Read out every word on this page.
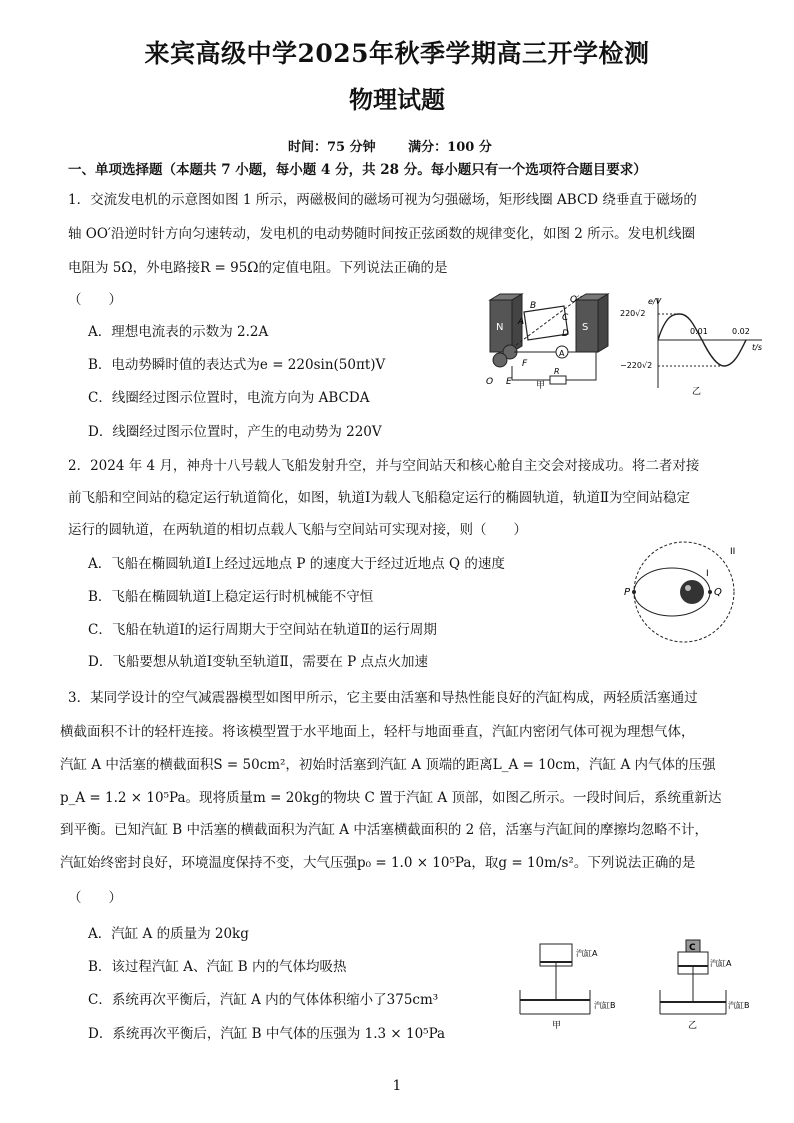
来宾高级中学2025年秋季学期高三开学检测
物理试题
时间：75 分钟	满分：100 分
一、单项选择题（本题共 7 小题，每小题 4 分，共 28 分。每小题只有一个选项符合题目要求）
1．交流发电机的示意图如图 1 所示，两磁极间的磁场可视为匀强磁场，矩形线圈 ABCD 绕垂直于磁场的
轴 OO′沿逆时针方向匀速转动，发电机的电动势随时间按正弦函数的规律变化，如图 2 所示。发电机线圈
电阻为 5Ω，外电路接R = 95Ω的定值电阻。下列说法正确的是
（　　）
A．理想电流表的示数为 2.2A
B．电动势瞬时值的表达式为e = 220sin(50πt)V
C．线圈经过图示位置时，电流方向为 ABCDA
D．线圈经过图示位置时，产生的电动势为 220V
N	S
B
A	C
D
O′
F
E
O
A
R
甲
e/V
t/s
220√2
−220√2
0.01	0.02
乙
2．2024 年 4 月，神舟十八号载人飞船发射升空，并与空间站天和核心舱自主交会对接成功。将二者对接
前飞船和空间站的稳定运行轨道简化，如图，轨道Ⅰ为载人飞船稳定运行的椭圆轨道，轨道Ⅱ为空间站稳定
运行的圆轨道，在两轨道的相切点载人飞船与空间站可实现对接，则（　　）
A．飞船在椭圆轨道Ⅰ上经过远地点 P 的速度大于经过近地点 Q 的速度
B．飞船在椭圆轨道Ⅰ上稳定运行时机械能不守恒
C．飞船在轨道Ⅰ的运行周期大于空间站在轨道Ⅱ的运行周期
D．飞船要想从轨道Ⅰ变轨至轨道Ⅱ，需要在 P 点点火加速
P	Q
II
I
3．某同学设计的空气减震器模型如图甲所示，它主要由活塞和导热性能良好的汽缸构成，两轻质活塞通过
横截面积不计的轻杆连接。将该模型置于水平地面上，轻杆与地面垂直，汽缸内密闭气体可视为理想气体，
汽缸 A 中活塞的横截面积S = 50cm²，初始时活塞到汽缸 A 顶端的距离L_A = 10cm，汽缸 A 内气体的压强
p_A = 1.2 × 10⁵Pa。现将质量m = 20kg的物块 C 置于汽缸 A 顶部，如图乙所示。一段时间后，系统重新达
到平衡。已知汽缸 B 中活塞的横截面积为汽缸 A 中活塞横截面积的 2 倍，活塞与汽缸间的摩擦均忽略不计，
汽缸始终密封良好，环境温度保持不变，大气压强p₀ = 1.0 × 10⁵Pa，取g = 10m/s²。下列说法正确的是
（　　）
A．汽缸 A 的质量为 20kg
B．该过程汽缸 A、汽缸 B 内的气体均吸热
C．系统再次平衡后，汽缸 A 内的气体体积缩小了375cm³
D．系统再次平衡后，汽缸 B 中气体的压强为 1.3 × 10⁵Pa
汽缸A
汽缸B
甲
C
汽缸A
汽缸B
乙
1
